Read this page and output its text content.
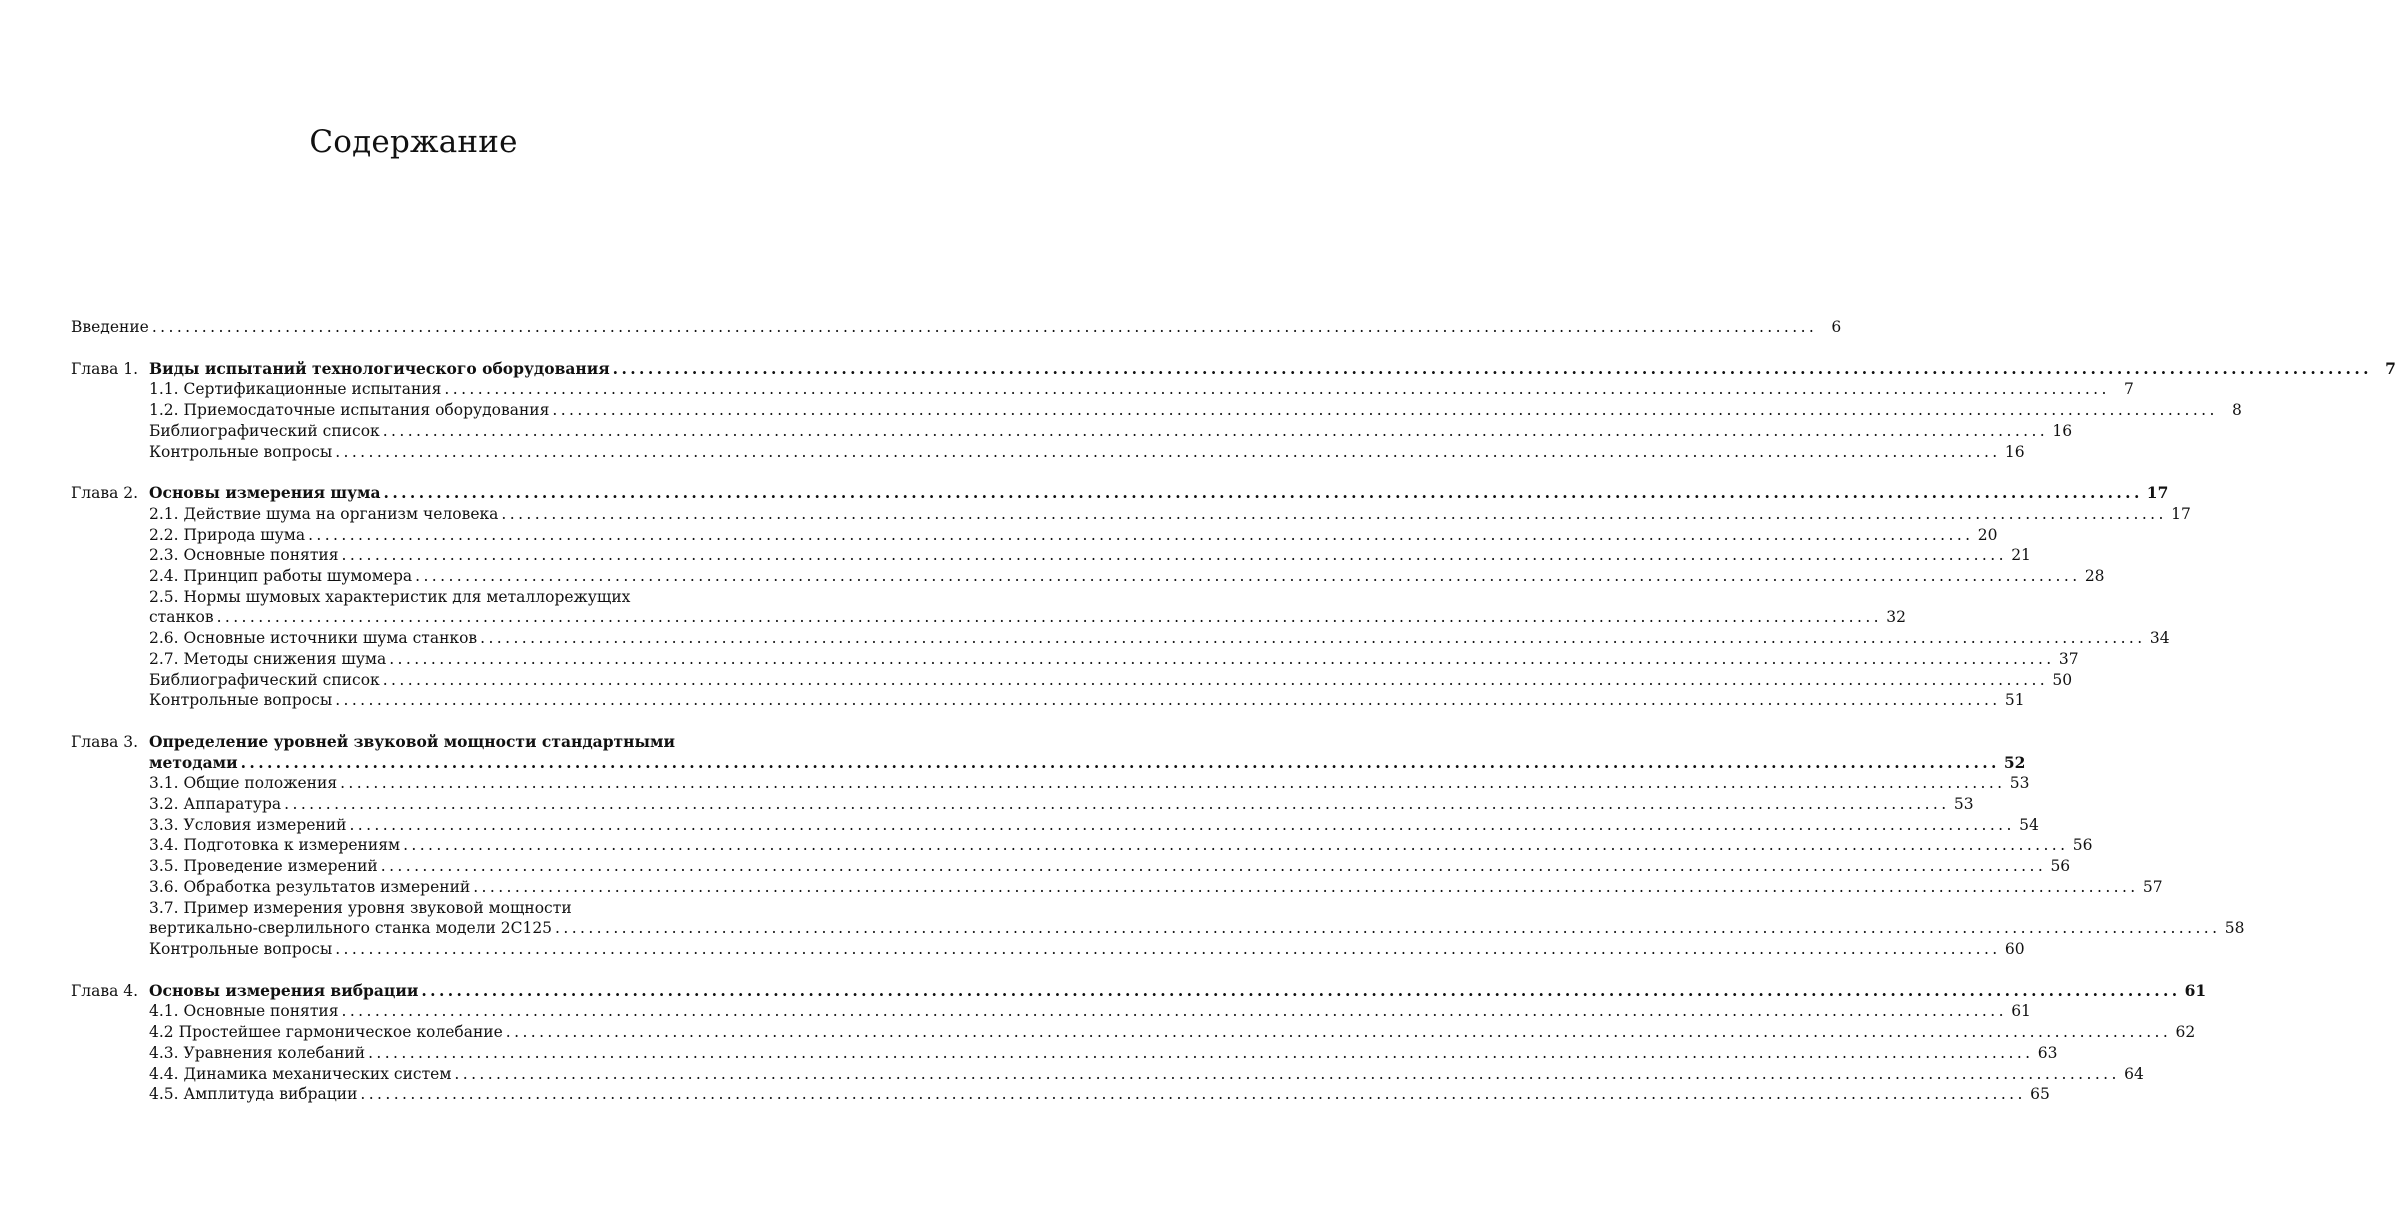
Содержание
Введение ........................................................................................................................................................................................................ 6
Глава 1. Виды испытаний технологического оборудования ........................................................................................................................................................................................................ 7
1.1. Сертификационные испытания ........................................................................................................................................................................................................ 7
1.2. Приемосдаточные испытания оборудования ........................................................................................................................................................................................................ 8
Библиографический список ........................................................................................................................................................................................................ 16
Контрольные вопросы ........................................................................................................................................................................................................ 16
Глава 2. Основы измерения шума ........................................................................................................................................................................................................ 17
2.1. Действие шума на организм человека ........................................................................................................................................................................................................ 17
2.2. Природа шума ........................................................................................................................................................................................................ 20
2.3. Основные понятия ........................................................................................................................................................................................................ 21
2.4. Принцип работы шумомера ........................................................................................................................................................................................................ 28
2.5. Нормы шумовых характеристик для металлорежущих
станков ........................................................................................................................................................................................................ 32
2.6. Основные источники шума станков ........................................................................................................................................................................................................ 34
2.7. Методы снижения шума ........................................................................................................................................................................................................ 37
Библиографический список ........................................................................................................................................................................................................ 50
Контрольные вопросы ........................................................................................................................................................................................................ 51
Глава 3. Определение уровней звуковой мощности стандартными
методами ........................................................................................................................................................................................................ 52
3.1. Общие положения ........................................................................................................................................................................................................ 53
3.2. Аппаратура ........................................................................................................................................................................................................ 53
3.3. Условия измерений ........................................................................................................................................................................................................ 54
3.4. Подготовка к измерениям ........................................................................................................................................................................................................ 56
3.5. Проведение измерений ........................................................................................................................................................................................................ 56
3.6. Обработка результатов измерений ........................................................................................................................................................................................................ 57
3.7. Пример измерения уровня звуковой мощности
вертикально-сверлильного станка модели 2С125 ........................................................................................................................................................................................................ 58
Контрольные вопросы ........................................................................................................................................................................................................ 60
Глава 4. Основы измерения вибрации ........................................................................................................................................................................................................ 61
4.1. Основные понятия ........................................................................................................................................................................................................ 61
4.2 Простейшее гармоническое колебание ........................................................................................................................................................................................................ 62
4.3. Уравнения колебаний ........................................................................................................................................................................................................ 63
4.4. Динамика механических систем ........................................................................................................................................................................................................ 64
4.5. Амплитуда вибрации ........................................................................................................................................................................................................ 65
